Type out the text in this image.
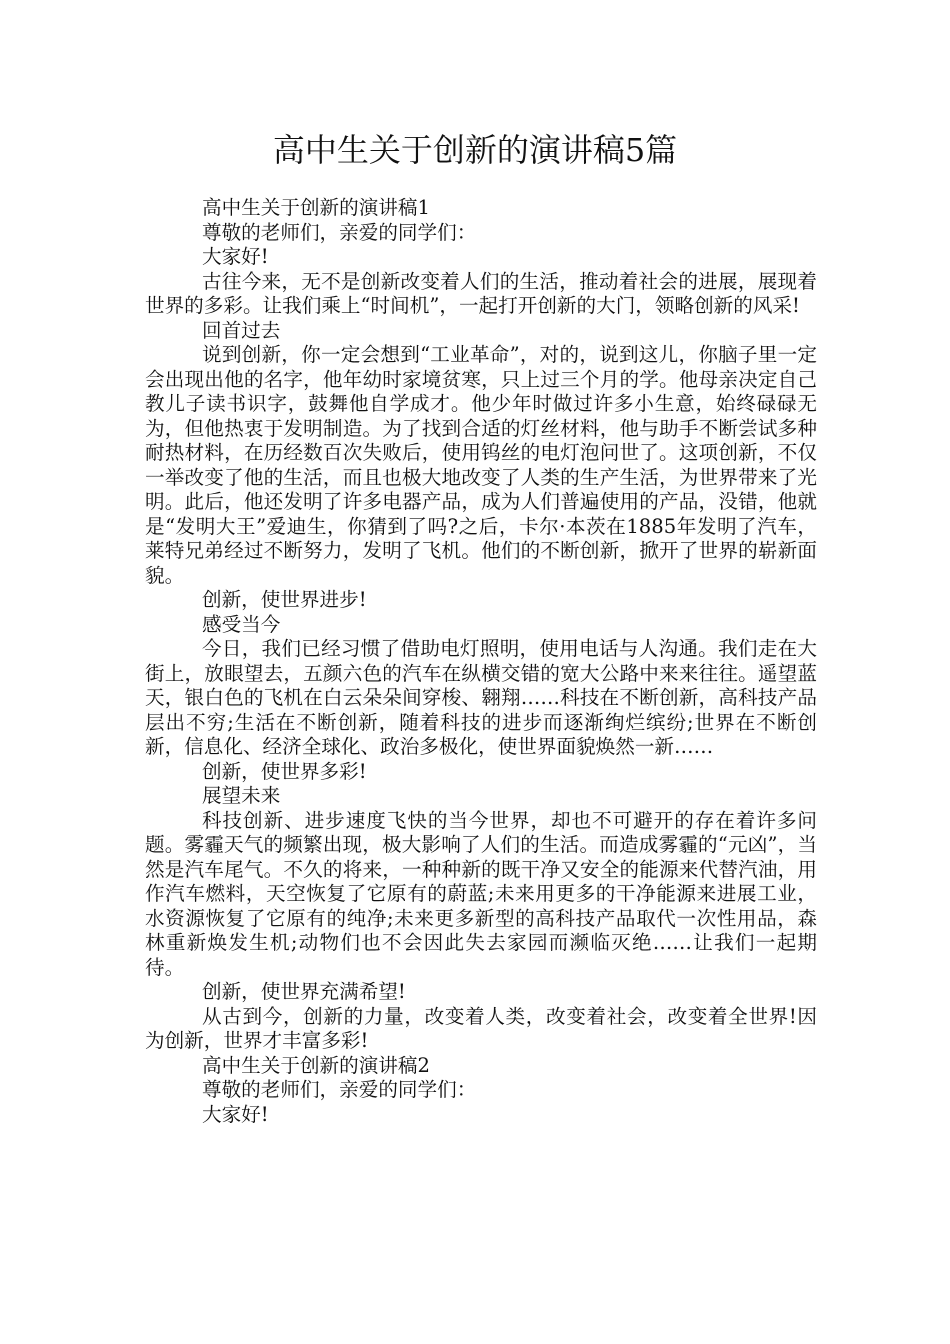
高中生关于创新的演讲稿5篇

高中生关于创新的演讲稿1

尊敬的老师们，亲爱的同学们：

大家好!

古往今来，无不是创新改变着人们的生活，推动着社会的进展，展现着世界的多彩。让我们乘上“时间机”，一起打开创新的大门，领略创新的风采!

回首过去

说到创新，你一定会想到“工业革命”，对的，说到这儿，你脑子里一定会出现出他的名字，他年幼时家境贫寒，只上过三个月的学。他母亲决定自己教儿子读书识字，鼓舞他自学成才。他少年时做过许多小生意，始终碌碌无为，但他热衷于发明制造。为了找到合适的灯丝材料，他与助手不断尝试多种耐热材料，在历经数百次失败后，使用钨丝的电灯泡问世了。这项创新，不仅一举改变了他的生活，而且也极大地改变了人类的生产生活，为世界带来了光明。此后，他还发明了许多电器产品，成为人们普遍使用的产品，没错，他就是“发明大王”爱迪生，你猜到了吗?之后，卡尔·本茨在1885年发明了汽车，莱特兄弟经过不断努力，发明了飞机。他们的不断创新，掀开了世界的崭新面貌。

创新，使世界进步!

感受当今

今日，我们已经习惯了借助电灯照明，使用电话与人沟通。我们走在大街上，放眼望去，五颜六色的汽车在纵横交错的宽大公路中来来往往。遥望蓝天，银白色的飞机在白云朵朵间穿梭、翱翔……科技在不断创新，高科技产品层出不穷;生活在不断创新，随着科技的进步而逐渐绚烂缤纷;世界在不断创新，信息化、经济全球化、政治多极化，使世界面貌焕然一新……

创新，使世界多彩!

展望未来

科技创新、进步速度飞快的当今世界，却也不可避开的存在着许多问题。雾霾天气的频繁出现，极大影响了人们的生活。而造成雾霾的“元凶”，当然是汽车尾气。不久的将来，一种种新的既干净又安全的能源来代替汽油，用作汽车燃料，天空恢复了它原有的蔚蓝;未来用更多的干净能源来进展工业，水资源恢复了它原有的纯净;未来更多新型的高科技产品取代一次性用品，森林重新焕发生机;动物们也不会因此失去家园而濒临灭绝……让我们一起期待。

创新，使世界充满希望!

从古到今，创新的力量，改变着人类，改变着社会，改变着全世界!因为创新，世界才丰富多彩!

高中生关于创新的演讲稿2

尊敬的老师们，亲爱的同学们：

大家好!
